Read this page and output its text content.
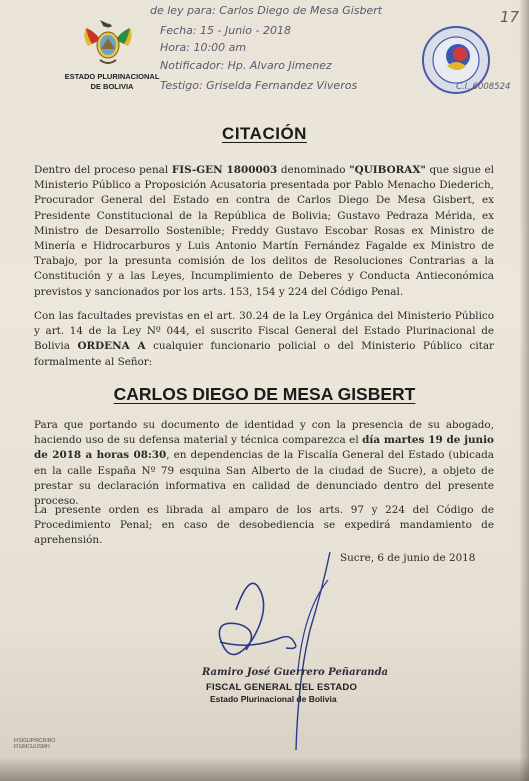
ESTADO PLURINACIONAL
DE BOLIVIA
de ley para: Carlos Diego de Mesa Gisbert	17
Fecha: 15 - Junio - 2018
Hora: 10:00 am
Notificador: Hp. Alvaro Jimenez
Testigo: Griselda Fernandez Viveros	C.I. 6008524
CITACIÓN

Dentro del proceso penal FIS-GEN 1800003 denominado "QUIBORAX" que sigue el Ministerio Público a Proposición Acusatoria presentada por Pablo Menacho Diederich, Procurador General del Estado en contra de Carlos Diego De Mesa Gisbert, ex Presidente Constitucional de la República de Bolivia; Gustavo Pedraza Mérida, ex Ministro de Desarrollo Sostenible; Freddy Gustavo Escobar Rosas ex Ministro de Minería e Hidrocarburos y Luis Antonio Martín Fernández Fagalde ex Ministro de Trabajo, por la presunta comisión de los delitos de Resoluciones Contrarias a la Constitución y a las Leyes, Incumplimiento de Deberes y Conducta Antieconómica previstos y sancionados por los arts. 153, 154 y 224 del Código Penal.

Con las facultades previstas en el art. 30.24 de la Ley Orgánica del Ministerio Público y art. 14 de la Ley Nº 044, el suscrito Fiscal General del Estado Plurinacional de Bolivia ORDENA A cualquier funcionario policial o del Ministerio Público citar formalmente al Señor:

CARLOS DIEGO DE MESA GISBERT

Para que portando su documento de identidad y con la presencia de su abogado, haciendo uso de su defensa material y técnica comparezca el día martes 19 de junio de 2018 a horas 08:30, en dependencias de la Fiscalía General del Estado (ubicada en la calle España Nº 79 esquina San Alberto de la ciudad de Sucre), a objeto de prestar su declaración informativa en calidad de denunciado dentro del presente proceso.

La presente orden es librada al amparo de los arts. 97 y 224 del Código de Procedimiento Penal; en caso de desobediencia se expedirá mandamiento de aprehensión.

Sucre, 6 de junio de 2018
Ramiro José Guerrero Peñaranda
FISCAL GENERAL DEL ESTADO
Estado Plurinacional de Bolivia
FIS/GUP/RCR/RO
FIS/MCU/JSMH
